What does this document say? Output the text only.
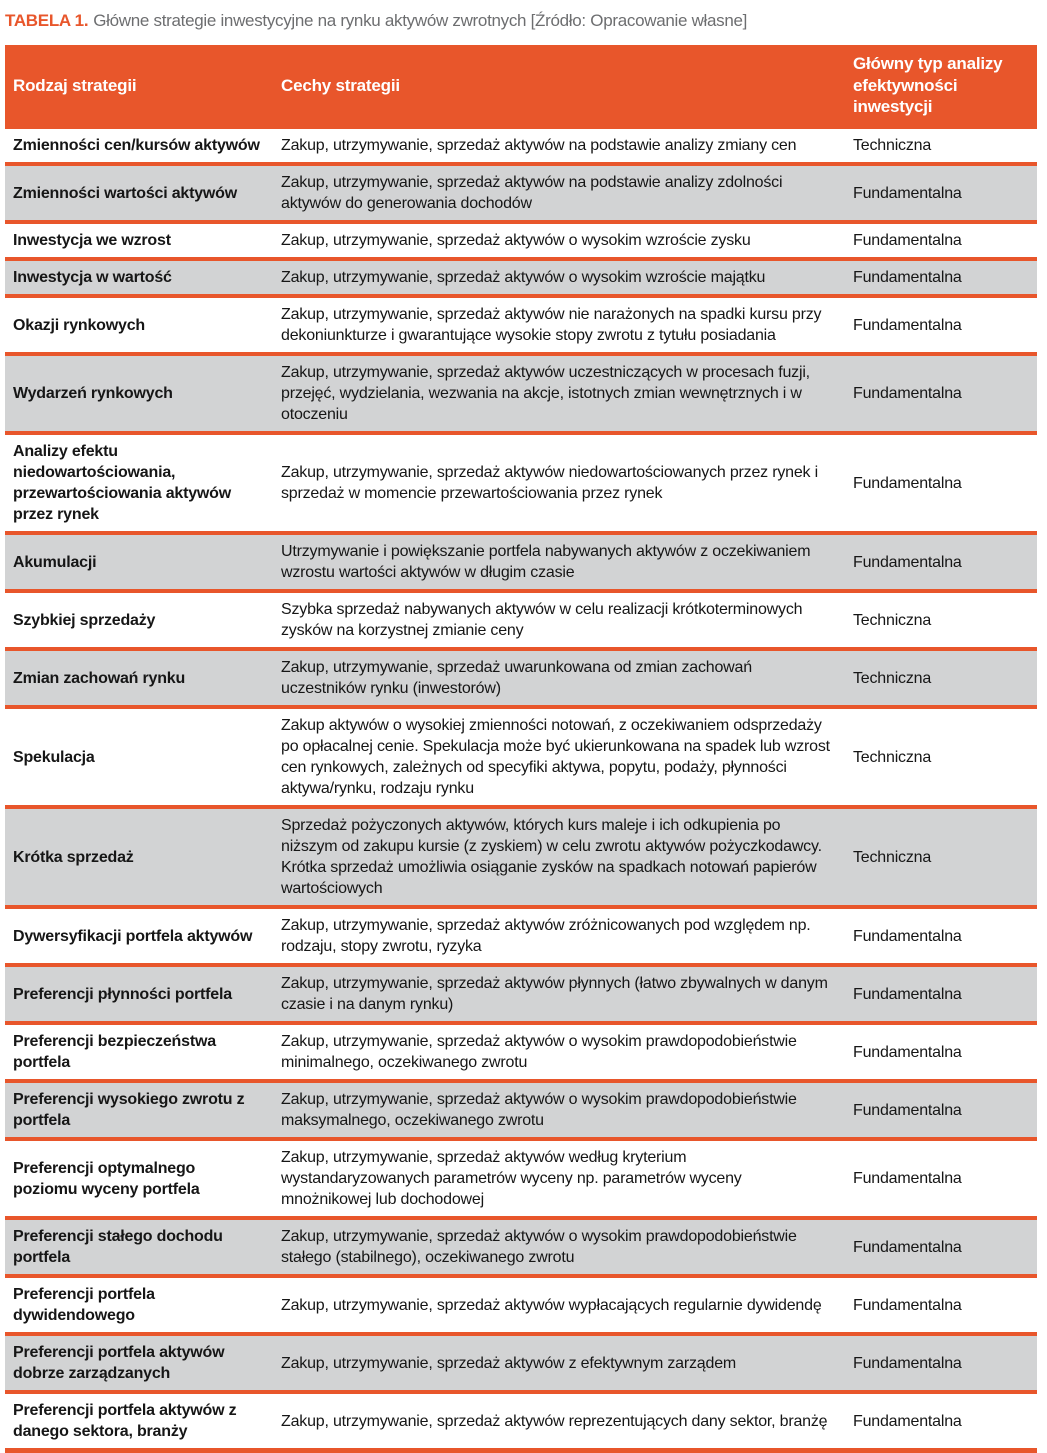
TABELA 1. Główne strategie inwestycyjne na rynku aktywów zwrotnych [Źródło: Opracowanie własne]
Rodzaj strategii	Cechy strategii	Główny typ analizy efektywności inwestycji
Zmienności cen/kursów aktywów	Zakup, utrzymywanie, sprzedaż aktywów na podstawie analizy zmiany cen	Techniczna
Zmienności wartości aktywów	Zakup, utrzymywanie, sprzedaż aktywów na podstawie analizy zdolności aktywów do generowania dochodów	Fundamentalna
Inwestycja we wzrost	Zakup, utrzymywanie, sprzedaż aktywów o wysokim wzroście zysku	Fundamentalna
Inwestycja w wartość	Zakup, utrzymywanie, sprzedaż aktywów o wysokim wzroście majątku	Fundamentalna
Okazji rynkowych	Zakup, utrzymywanie, sprzedaż aktywów nie narażonych na spadki kursu przy dekoniunkturze i gwarantujące wysokie stopy zwrotu z tytułu posiadania	Fundamentalna
Wydarzeń rynkowych	Zakup, utrzymywanie, sprzedaż aktywów uczestniczących w procesach fuzji, przejęć, wydzielania, wezwania na akcje, istotnych zmian wewnętrznych i w otoczeniu	Fundamentalna
Analizy efektu niedowartościowania, przewartościowania aktywów przez rynek	Zakup, utrzymywanie, sprzedaż aktywów niedowartościowanych przez rynek i sprzedaż w momencie przewartościowania przez rynek	Fundamentalna
Akumulacji	Utrzymywanie i powiększanie portfela nabywanych aktywów z oczekiwaniem wzrostu wartości aktywów w długim czasie	Fundamentalna
Szybkiej sprzedaży	Szybka sprzedaż nabywanych aktywów w celu realizacji krótkoterminowych zysków na korzystnej zmianie ceny	Techniczna
Zmian zachowań rynku	Zakup, utrzymywanie, sprzedaż uwarunkowana od zmian zachowań uczestników rynku (inwestorów)	Techniczna
Spekulacja	Zakup aktywów o wysokiej zmienności notowań, z oczekiwaniem odsprzedaży po opłacalnej cenie. Spekulacja może być ukierunkowana na spadek lub wzrost cen rynkowych, zależnych od specyfiki aktywa, popytu, podaży, płynności aktywa/rynku, rodzaju rynku	Techniczna
Krótka sprzedaż	Sprzedaż pożyczonych aktywów, których kurs maleje i ich odkupienia po niższym od zakupu kursie (z zyskiem) w celu zwrotu aktywów pożyczkodawcy. Krótka sprzedaż umożliwia osiąganie zysków na spadkach notowań papierów wartościowych	Techniczna
Dywersyfikacji portfela aktywów	Zakup, utrzymywanie, sprzedaż aktywów zróżnicowanych pod względem np. rodzaju, stopy zwrotu, ryzyka	Fundamentalna
Preferencji płynności portfela	Zakup, utrzymywanie, sprzedaż aktywów płynnych (łatwo zbywalnych w danym czasie i na danym rynku)	Fundamentalna
Preferencji bezpieczeństwa portfela	Zakup, utrzymywanie, sprzedaż aktywów o wysokim prawdopodobieństwie minimalnego, oczekiwanego zwrotu	Fundamentalna
Preferencji wysokiego zwrotu z portfela	Zakup, utrzymywanie, sprzedaż aktywów o wysokim prawdopodobieństwie maksymalnego, oczekiwanego zwrotu	Fundamentalna
Preferencji optymalnego poziomu wyceny portfela	Zakup, utrzymywanie, sprzedaż aktywów według kryterium wystandaryzowanych parametrów wyceny np. parametrów wyceny mnożnikowej lub dochodowej	Fundamentalna
Preferencji stałego dochodu portfela	Zakup, utrzymywanie, sprzedaż aktywów o wysokim prawdopodobieństwie stałego (stabilnego), oczekiwanego zwrotu	Fundamentalna
Preferencji portfela dywidendowego	Zakup, utrzymywanie, sprzedaż aktywów wypłacających regularnie dywidendę	Fundamentalna
Preferencji portfela aktywów dobrze zarządzanych	Zakup, utrzymywanie, sprzedaż aktywów z efektywnym zarządem	Fundamentalna
Preferencji portfela aktywów z danego sektora, branży	Zakup, utrzymywanie, sprzedaż aktywów reprezentujących dany sektor, branżę	Fundamentalna
